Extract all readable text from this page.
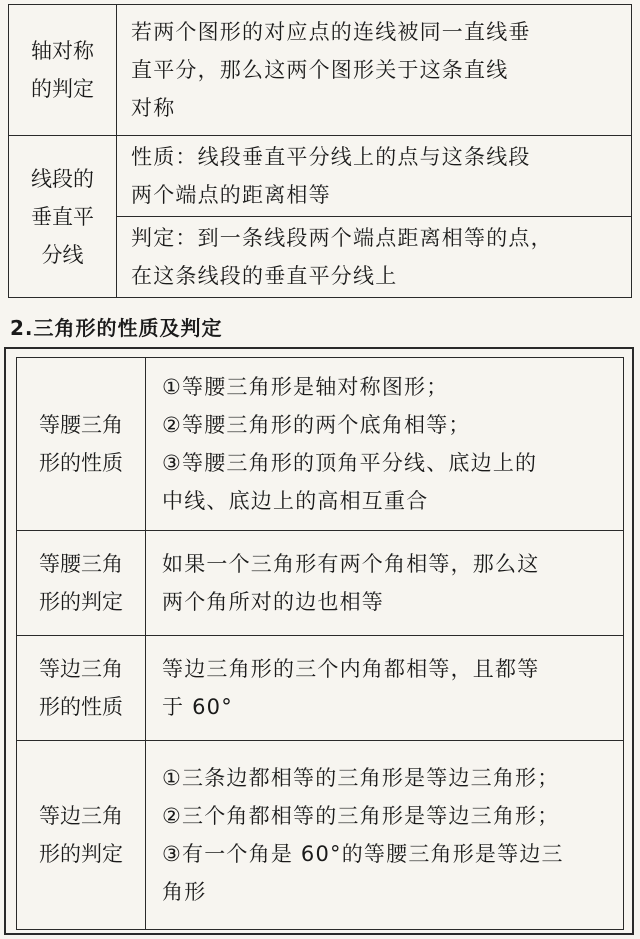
轴对称
的判定	若两个图形的对应点的连线被同一直线垂
直平分，那么这两个图形关于这条直线
对称

线段的
垂直平
分线	性质：线段垂直平分线上的点与这条线段
两个端点的距离相等

	判定：到一条线段两个端点距离相等的点，
在这条线段的垂直平分线上
2.三角形的性质及判定
等腰三角
形的性质	①等腰三角形是轴对称图形；
②等腰三角形的两个底角相等；
③等腰三角形的顶角平分线、底边上的
中线、底边上的高相互重合

等腰三角
形的判定	如果一个三角形有两个角相等，那么这
两个角所对的边也相等

等边三角
形的性质	等边三角形的三个内角都相等，且都等
于 60°

等边三角
形的判定	①三条边都相等的三角形是等边三角形；
②三个角都相等的三角形是等边三角形；
③有一个角是 60°的等腰三角形是等边三
角形
